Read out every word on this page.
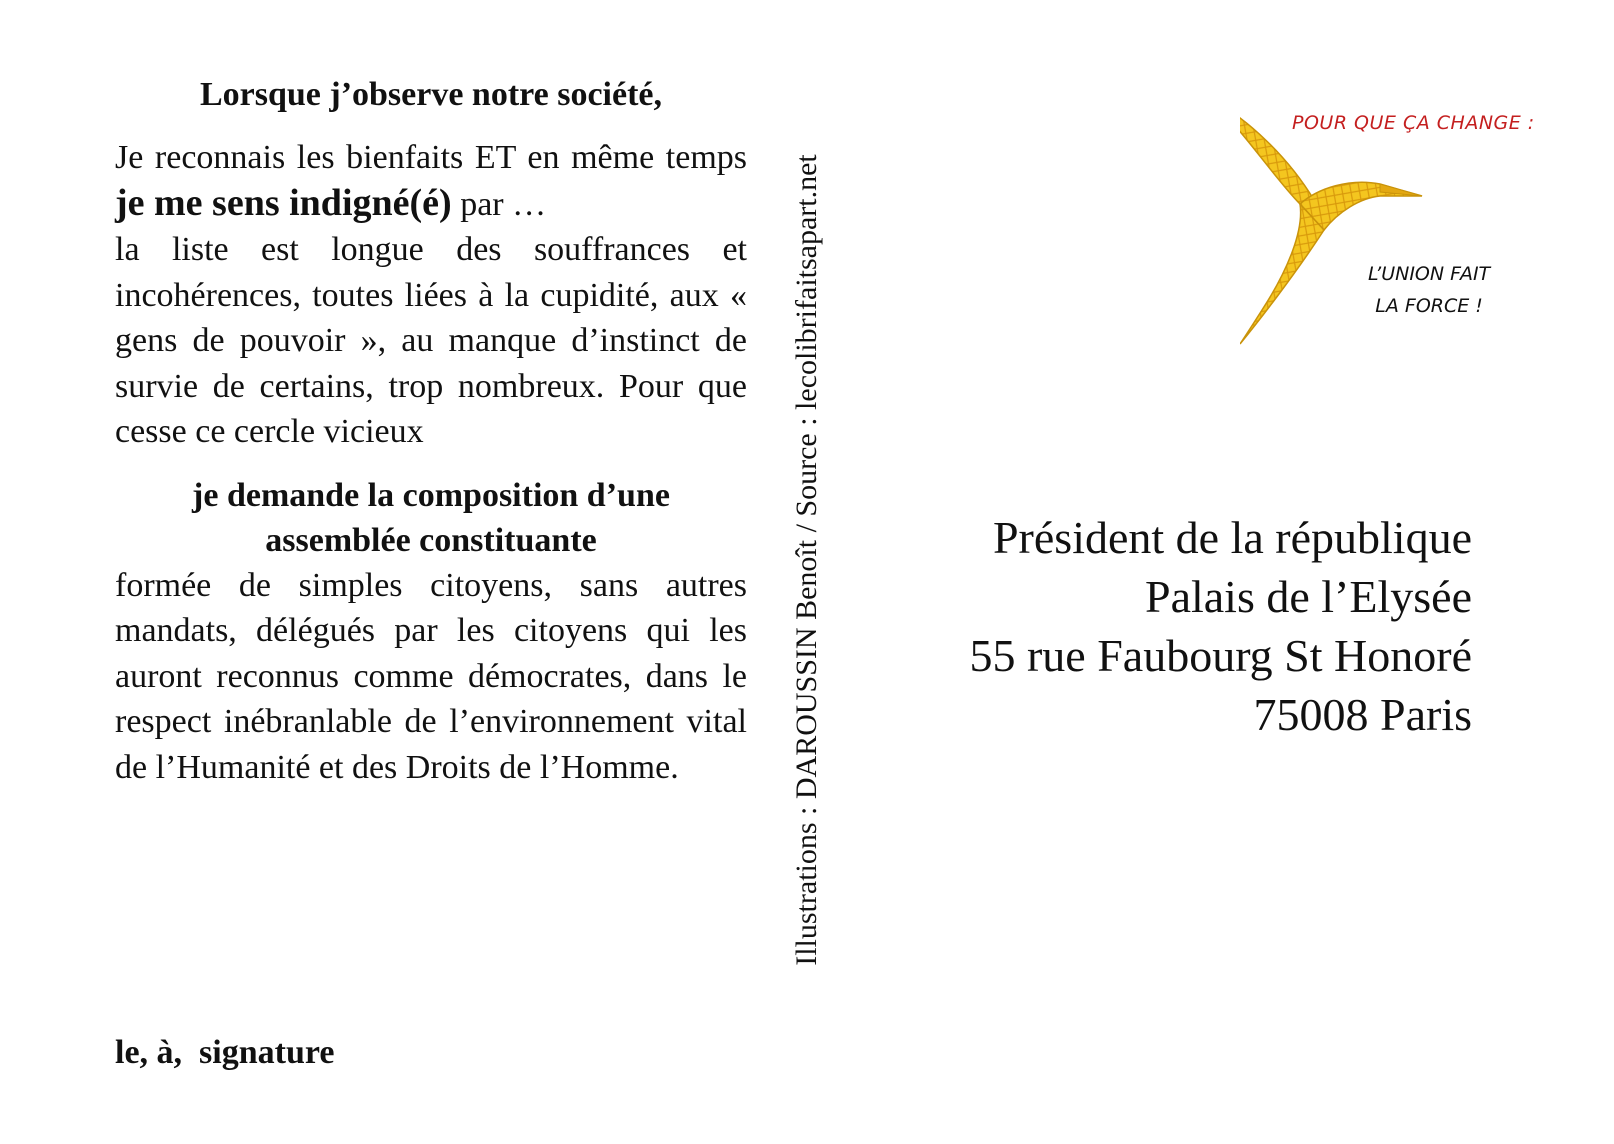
Lorsque j’observe notre société,

Je reconnais les bienfaits ET en même temps je me sens indigné(é) par …
la liste est longue des souffrances et incohérences, toutes liées à la cupidité, aux « gens de pouvoir », au manque d’instinct de survie de certains, trop nombreux. Pour que cesse ce cercle vicieux

je demande la composition d’une
assemblée constituante

formée de simples citoyens, sans autres mandats, délégués par les citoyens qui les auront reconnus comme démocrates, dans le respect inébranlable de l’environnement vital de l’Humanité et des Droits de l’Homme.

le, à,  signature
Illustrations : DAROUSSIN Benoît / Source : lecolibrifaitsapart.net
POUR QUE ÇA CHANGE :
L’UNION FAIT
LA FORCE !
Président de la république
Palais de l’Elysée
55 rue Faubourg St Honoré
75008 Paris
